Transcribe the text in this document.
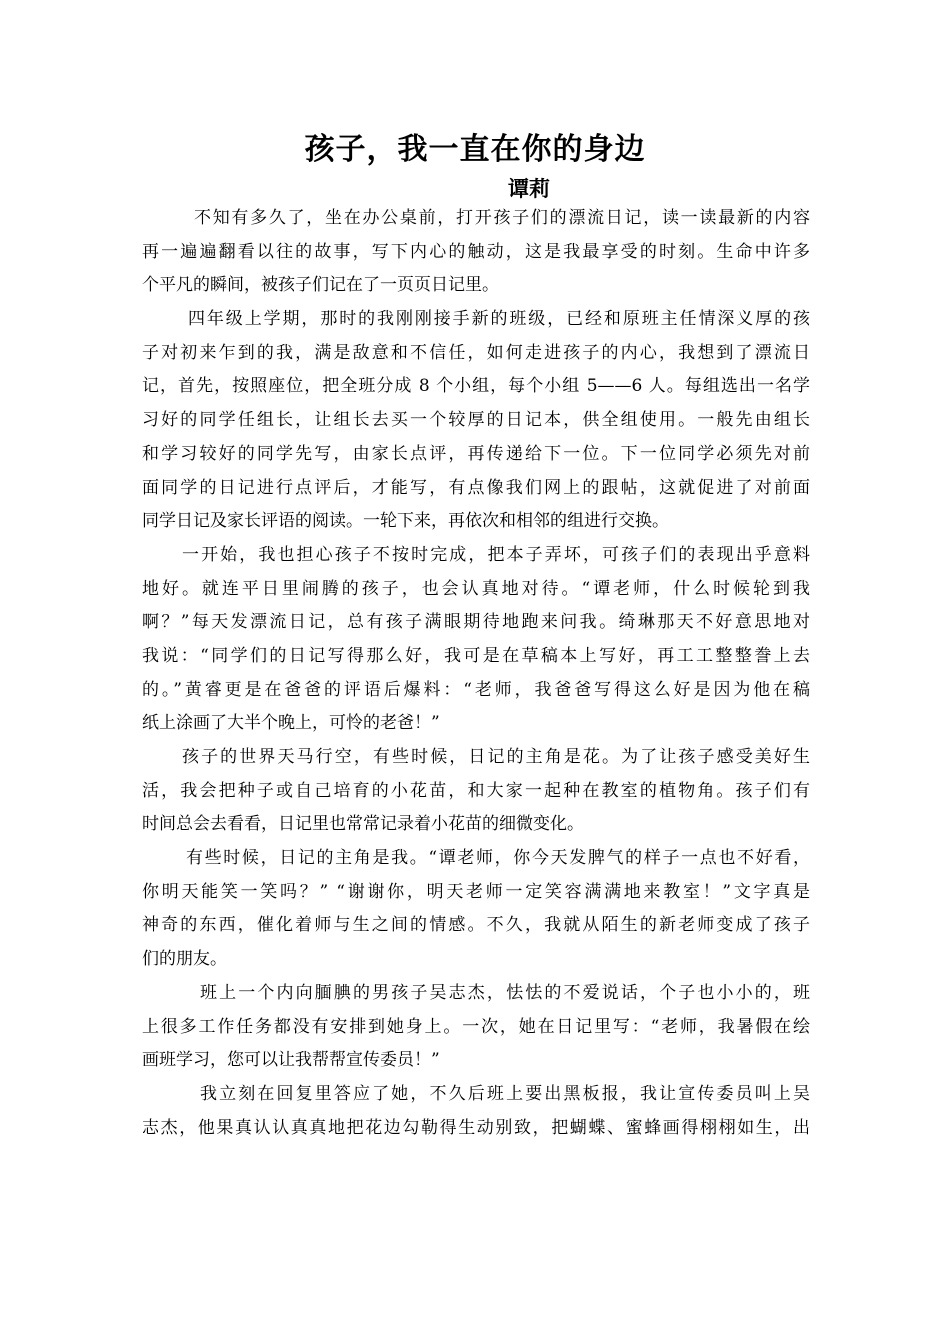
孩子，我一直在你的身边
谭莉
不知有多久了，坐在办公桌前，打开孩子们的漂流日记，读一读最新的内容
再一遍遍翻看以往的故事，写下内心的触动，这是我最享受的时刻。生命中许多
个平凡的瞬间，被孩子们记在了一页页日记里。
四年级上学期，那时的我刚刚接手新的班级，已经和原班主任情深义厚的孩
子对初来乍到的我，满是敌意和不信任，如何走进孩子的内心，我想到了漂流日
记，首先，按照座位，把全班分成 8 个小组，每个小组 5——6 人。每组选出一名学
习好的同学任组长，让组长去买一个较厚的日记本，供全组使用。一般先由组长
和学习较好的同学先写，由家长点评，再传递给下一位。下一位同学必须先对前
面同学的日记进行点评后，才能写，有点像我们网上的跟帖，这就促进了对前面
同学日记及家长评语的阅读。一轮下来，再依次和相邻的组进行交换。
一开始，我也担心孩子不按时完成，把本子弄坏，可孩子们的表现出乎意料
地好。就连平日里闹腾的孩子，也会认真地对待。“谭老师，什么时候轮到我
啊？”每天发漂流日记，总有孩子满眼期待地跑来问我。绮琳那天不好意思地对
我说：“同学们的日记写得那么好，我可是在草稿本上写好，再工工整整誊上去
的。”黄睿更是在爸爸的评语后爆料：“老师，我爸爸写得这么好是因为他在稿
纸上涂画了大半个晚上，可怜的老爸！”
孩子的世界天马行空，有些时候，日记的主角是花。为了让孩子感受美好生
活，我会把种子或自己培育的小花苗，和大家一起种在教室的植物角。孩子们有
时间总会去看看，日记里也常常记录着小花苗的细微变化。
有些时候，日记的主角是我。“谭老师，你今天发脾气的样子一点也不好看，
你明天能笑一笑吗？” “谢谢你，明天老师一定笑容满满地来教室！”文字真是
神奇的东西，催化着师与生之间的情感。不久，我就从陌生的新老师变成了孩子
们的朋友。
班上一个内向腼腆的男孩子吴志杰，怯怯的不爱说话，个子也小小的，班
上很多工作任务都没有安排到她身上。一次，她在日记里写：“老师，我暑假在绘
画班学习，您可以让我帮帮宣传委员！”
我立刻在回复里答应了她，不久后班上要出黑板报，我让宣传委员叫上吴
志杰，他果真认认真真地把花边勾勒得生动别致，把蝴蝶、蜜蜂画得栩栩如生，出
